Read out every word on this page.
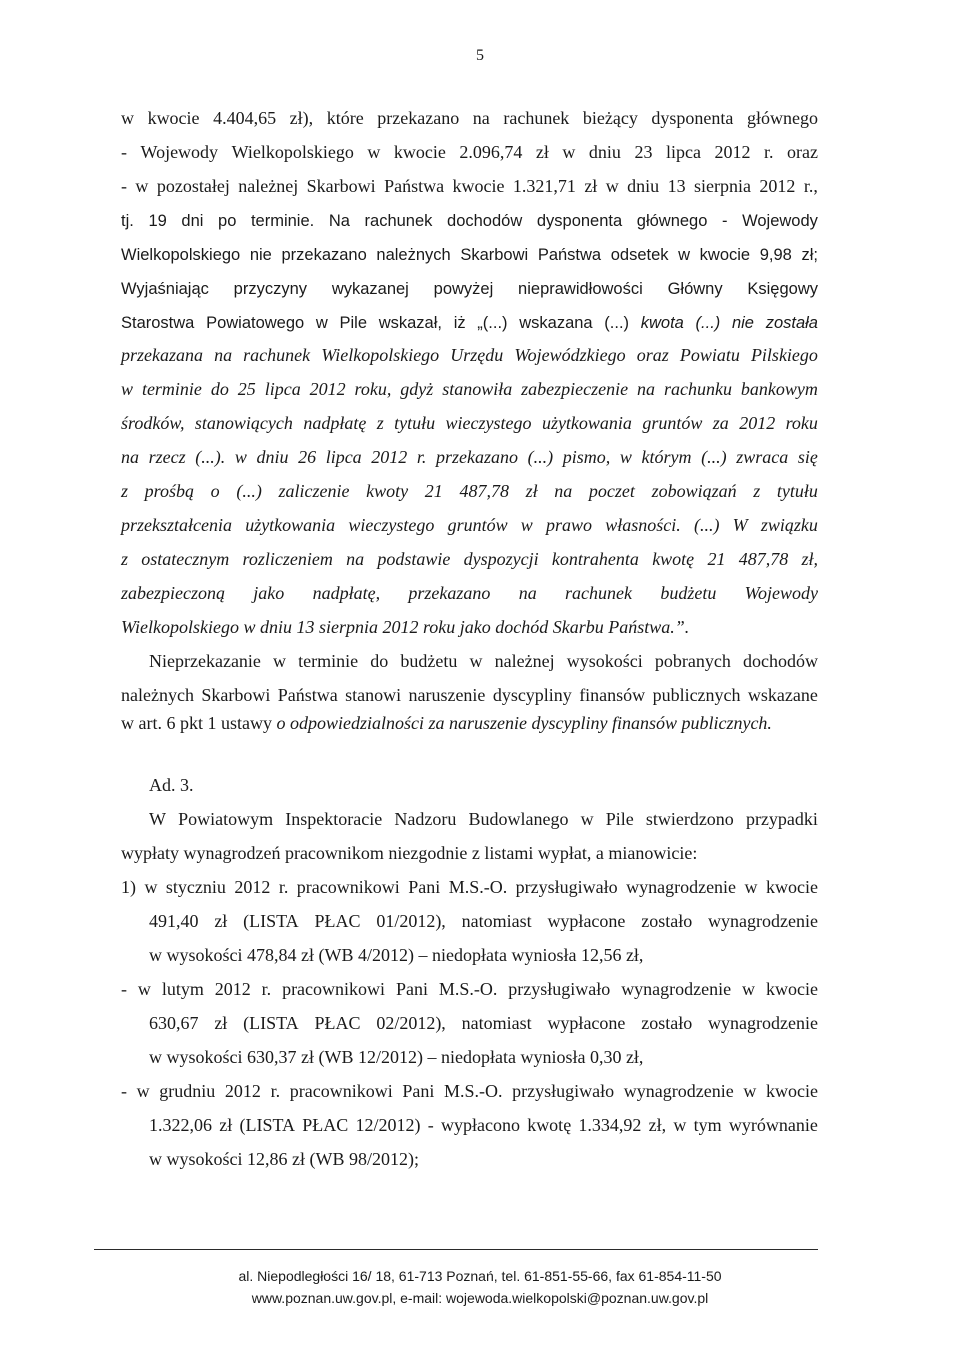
5
w kwocie 4.404,65 zł), które przekazano na rachunek bieżący dysponenta głównego
- Wojewody Wielkopolskiego w kwocie 2.096,74 zł w dniu 23 lipca 2012 r. oraz
- w pozostałej należnej Skarbowi Państwa kwocie 1.321,71 zł w dniu 13 sierpnia 2012 r.,
tj. 19 dni po terminie. Na rachunek dochodów dysponenta głównego - Wojewody
Wielkopolskiego nie przekazano należnych Skarbowi Państwa odsetek w kwocie 9,98 zł;
Wyjaśniając przyczyny wykazanej powyżej nieprawidłowości Główny Księgowy
Starostwa Powiatowego w Pile wskazał, iż „(...) wskazana (...) kwota (...) nie została
przekazana na rachunek Wielkopolskiego Urzędu Wojewódzkiego oraz Powiatu Pilskiego
w terminie do 25 lipca 2012 roku, gdyż stanowiła zabezpieczenie na rachunku bankowym
środków, stanowiących nadpłatę z tytułu wieczystego użytkowania gruntów za 2012 roku
na rzecz (...). w dniu 26 lipca 2012 r. przekazano (...) pismo, w którym (...) zwraca się
z prośbą o (...) zaliczenie kwoty 21 487,78 zł na poczet zobowiązań z tytułu
przekształcenia użytkowania wieczystego gruntów w prawo własności. (...) W związku
z ostatecznym rozliczeniem na podstawie dyspozycji kontrahenta kwotę 21 487,78 zł,
zabezpieczoną jako nadpłatę, przekazano na rachunek budżetu Wojewody
Wielkopolskiego w dniu 13 sierpnia 2012 roku jako dochód Skarbu Państwa.”.
Nieprzekazanie w terminie do budżetu w należnej wysokości pobranych dochodów
należnych Skarbowi Państwa stanowi naruszenie dyscypliny finansów publicznych wskazane
w art. 6 pkt 1 ustawy o odpowiedzialności za naruszenie dyscypliny finansów publicznych.
Ad. 3.
W Powiatowym Inspektoracie Nadzoru Budowlanego w Pile stwierdzono przypadki
wypłaty wynagrodzeń pracownikom niezgodnie z listami wypłat, a mianowicie:
1) w styczniu 2012 r. pracownikowi Pani M.S.-O. przysługiwało wynagrodzenie w kwocie
491,40 zł (LISTA PŁAC 01/2012), natomiast wypłacone zostało wynagrodzenie
w wysokości 478,84 zł (WB 4/2012) – niedopłata wyniosła 12,56 zł,
- w lutym 2012 r. pracownikowi Pani M.S.-O. przysługiwało wynagrodzenie w kwocie
630,67 zł (LISTA PŁAC 02/2012), natomiast wypłacone zostało wynagrodzenie
w wysokości 630,37 zł (WB 12/2012) – niedopłata wyniosła 0,30 zł,
- w grudniu 2012 r. pracownikowi Pani M.S.-O. przysługiwało wynagrodzenie w kwocie
1.322,06 zł (LISTA PŁAC 12/2012) - wypłacono kwotę 1.334,92 zł, w tym wyrównanie
w wysokości 12,86 zł (WB 98/2012);
al. Niepodległości 16/ 18, 61-713 Poznań, tel. 61-851-55-66, fax 61-854-11-50
www.poznan.uw.gov.pl, e-mail: wojewoda.wielkopolski@poznan.uw.gov.pl
